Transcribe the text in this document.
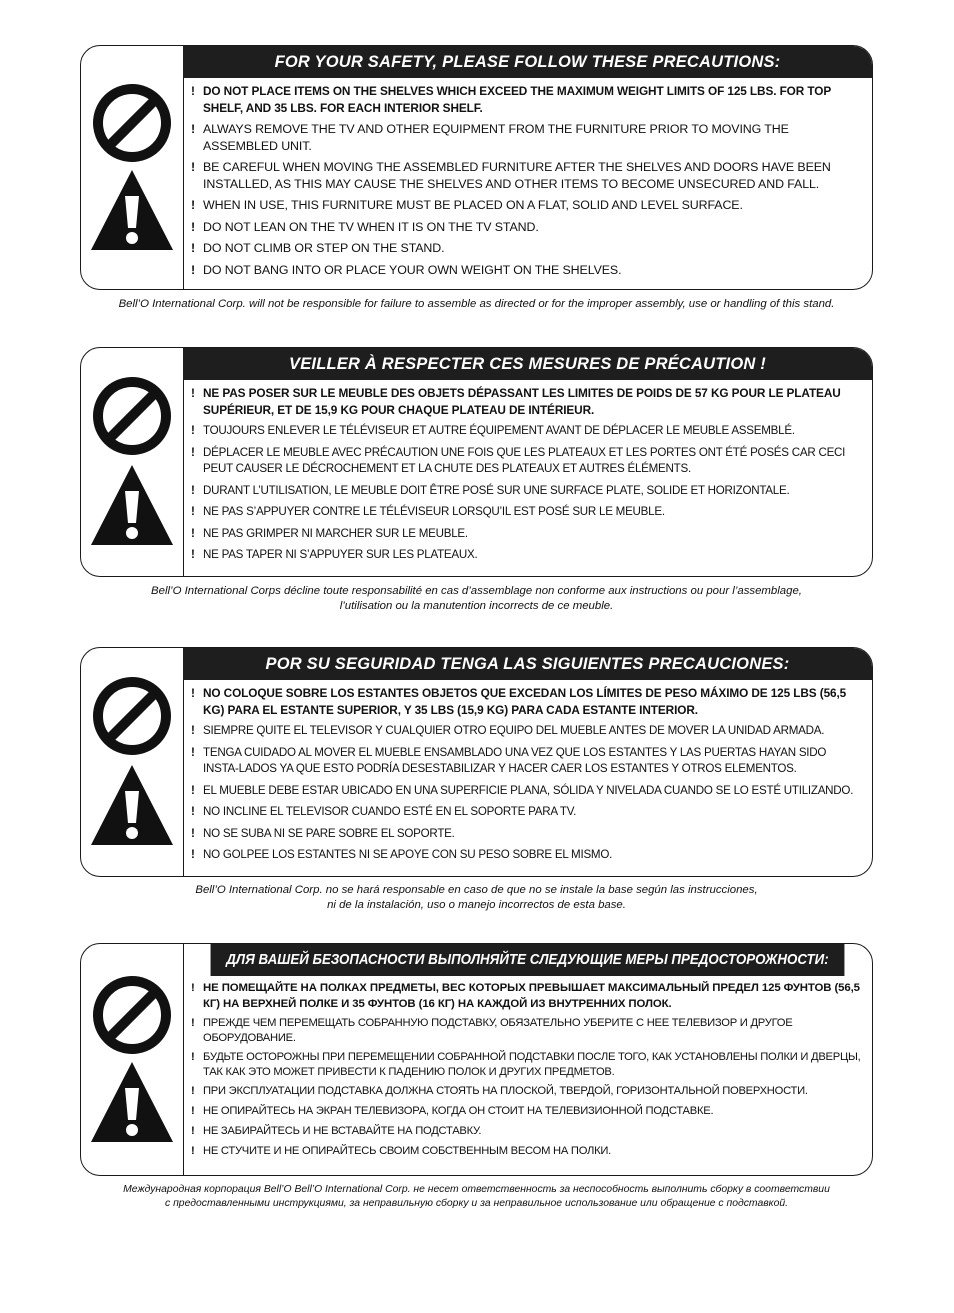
FOR YOUR SAFETY, PLEASE FOLLOW THESE PRECAUTIONS:
! DO NOT PLACE ITEMS ON THE SHELVES WHICH EXCEED THE MAXIMUM WEIGHT LIMITS OF 125 LBS. FOR TOP SHELF, AND 35 LBS. FOR EACH INTERIOR SHELF.
! ALWAYS REMOVE THE TV AND OTHER EQUIPMENT FROM THE FURNITURE PRIOR TO MOVING THE ASSEMBLED UNIT.
! BE CAREFUL WHEN MOVING THE ASSEMBLED FURNITURE AFTER THE SHELVES AND DOORS HAVE BEEN INSTALLED, AS THIS MAY CAUSE THE SHELVES AND OTHER ITEMS TO BECOME UNSECURED AND FALL.
! WHEN IN USE, THIS FURNITURE MUST BE PLACED ON A FLAT, SOLID AND LEVEL SURFACE.
! DO NOT LEAN ON THE TV WHEN IT IS ON THE TV STAND.
! DO NOT CLIMB OR STEP ON THE STAND.
! DO NOT BANG INTO OR PLACE YOUR OWN WEIGHT ON THE SHELVES.
Bell’O International Corp. will not be responsible for failure to assemble as directed or for the improper assembly, use or handling of this stand.
VEILLER À RESPECTER CES MESURES DE PRÉCAUTION !
! NE PAS POSER SUR LE MEUBLE DES OBJETS DÉPASSANT LES LIMITES DE POIDS DE 57 KG POUR LE PLATEAU SUPÉRIEUR, ET DE 15,9 KG POUR CHAQUE PLATEAU DE INTÉRIEUR.
! TOUJOURS ENLEVER LE TÉLÉVISEUR ET AUTRE ÉQUIPEMENT AVANT DE DÉPLACER LE MEUBLE ASSEMBLÉ.
! DÉPLACER LE MEUBLE AVEC PRÉCAUTION UNE FOIS QUE LES PLATEAUX ET LES PORTES ONT ÉTÉ POSÉS CAR CECI PEUT CAUSER LE DÉCROCHEMENT ET LA CHUTE DES PLATEAUX ET AUTRES ÉLÉMENTS.
! DURANT L’UTILISATION, LE MEUBLE DOIT ÊTRE POSÉ SUR UNE SURFACE PLATE, SOLIDE ET HORIZONTALE.
! NE PAS S’APPUYER CONTRE LE TÉLÉVISEUR LORSQU’IL EST POSÉ SUR LE MEUBLE.
! NE PAS GRIMPER NI MARCHER SUR LE MEUBLE.
! NE PAS TAPER NI S’APPUYER SUR LES PLATEAUX.
Bell’O International Corps décline toute responsabilité en cas d’assemblage non conforme aux instructions ou pour l’assemblage,
l’utilisation ou la manutention incorrects de ce meuble.
POR SU SEGURIDAD TENGA LAS SIGUIENTES PRECAUCIONES:
! NO COLOQUE SOBRE LOS ESTANTES OBJETOS QUE EXCEDAN LOS LÍMITES DE PESO MÁXIMO DE 125 LBS (56,5 KG) PARA EL ESTANTE SUPERIOR, Y 35 LBS (15,9 KG) PARA CADA ESTANTE INTERIOR.
! SIEMPRE QUITE EL TELEVISOR Y CUALQUIER OTRO EQUIPO DEL MUEBLE ANTES DE MOVER LA UNIDAD ARMADA.
! TENGA CUIDADO AL MOVER EL MUEBLE ENSAMBLADO UNA VEZ QUE LOS ESTANTES Y LAS PUERTAS HAYAN SIDO INSTA-LADOS YA QUE ESTO PODRÍA DESESTABILIZAR Y HACER CAER LOS ESTANTES Y OTROS ELEMENTOS.
! EL MUEBLE DEBE ESTAR UBICADO EN UNA SUPERFICIE PLANA, SÓLIDA Y NIVELADA CUANDO SE LO ESTÉ UTILIZANDO.
! NO INCLINE EL TELEVISOR CUANDO ESTÉ EN EL SOPORTE PARA TV.
! NO SE SUBA NI SE PARE SOBRE EL SOPORTE.
! NO GOLPEE LOS ESTANTES NI SE APOYE CON SU PESO SOBRE EL MISMO.
Bell’O International Corp. no se hará responsable en caso de que no se instale la base según las instrucciones,
ni de la instalación, uso o manejo incorrectos de esta base.
ДЛЯ ВАШЕЙ БЕЗОПАСНОСТИ ВЫПОЛНЯЙТЕ СЛЕДУЮЩИЕ МЕРЫ ПРЕДОСТОРОЖНОСТИ:
! НЕ ПОМЕЩАЙТЕ НА ПОЛКАХ ПРЕДМЕТЫ, ВЕС КОТОРЫХ ПРЕВЫШАЕТ МАКСИМАЛЬНЫЙ ПРЕДЕЛ 125 ФУНТОВ (56,5 КГ) НА ВЕРХНЕЙ ПОЛКЕ И 35 ФУНТОВ (16 КГ) НА КАЖДОЙ ИЗ ВНУТРЕННИХ ПОЛОК.
! ПРЕЖДЕ ЧЕМ ПЕРЕМЕЩАТЬ СОБРАННУЮ ПОДСТАВКУ, ОБЯЗАТЕЛЬНО УБЕРИТЕ С НЕЕ ТЕЛЕВИЗОР И ДРУГОЕ ОБОРУДОВАНИЕ.
! БУДЬТЕ ОСТОРОЖНЫ ПРИ ПЕРЕМЕЩЕНИИ СОБРАННОЙ ПОДСТАВКИ ПОСЛЕ ТОГО, КАК УСТАНОВЛЕНЫ ПОЛКИ И ДВЕРЦЫ, ТАК КАК ЭТО МОЖЕТ ПРИВЕСТИ К ПАДЕНИЮ ПОЛОК И ДРУГИХ ПРЕДМЕТОВ.
! ПРИ ЭКСПЛУАТАЦИИ ПОДСТАВКА ДОЛЖНА СТОЯТЬ НА ПЛОСКОЙ, ТВЕРДОЙ, ГОРИЗОНТАЛЬНОЙ ПОВЕРХНОСТИ.
! НЕ ОПИРАЙТЕСЬ НА ЭКРАН ТЕЛЕВИЗОРА, КОГДА ОН СТОИТ НА ТЕЛЕВИЗИОННОЙ ПОДСТАВКЕ.
! НЕ ЗАБИРАЙТЕСЬ И НЕ ВСТАВАЙТЕ НА ПОДСТАВКУ.
! НЕ СТУЧИТЕ И НЕ ОПИРАЙТЕСЬ СВОИМ СОБСТВЕННЫМ ВЕСОМ НА ПОЛКИ.
Международная корпорация Bell’O Bell’O International Corp. не несет ответственность за неспособность выполнить сборку в соответствии
с предоставленными инструкциями, за неправильную сборку и за неправильное использование или обращение с подставкой.
